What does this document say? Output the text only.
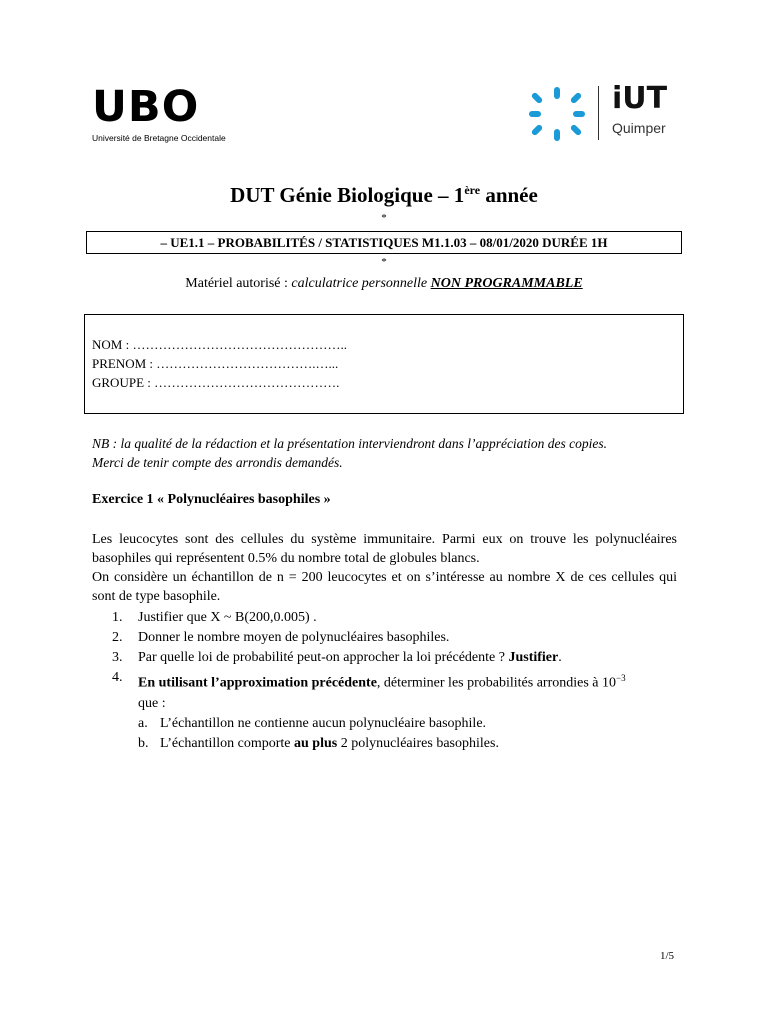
UBO
Université de Bretagne Occidentale
iUT
Quimper
DUT Génie Biologique – 1ère année
*
– UE1.1 – PROBABILITÉS / STATISTIQUES M1.1.03 – 08/01/2020 DURÉE 1H
*
Matériel autorisé : calculatrice personnelle NON PROGRAMMABLE
NOM : …………………………………………..
PRENOM : ……………………………….…...
GROUPE : …………………………………….
NB : la qualité de la rédaction et la présentation interviendront dans l’appréciation des copies.
Merci de tenir compte des arrondis demandés.
Exercice 1 « Polynucléaires basophiles »
Les leucocytes sont des cellules du système immunitaire. Parmi eux on trouve les polynucléaires basophiles qui représentent 0.5% du nombre total de globules blancs.
On considère un échantillon de n = 200 leucocytes et on s’intéresse au nombre X de ces cellules qui sont de type basophile.
1. Justifier que X ~ B(200,0.005) .
2. Donner le nombre moyen de polynucléaires basophiles.
3. Par quelle loi de probabilité peut-on approcher la loi précédente ? Justifier.
4. En utilisant l’approximation précédente, déterminer les probabilités arrondies à $10^{-3}$
que :
a. L’échantillon ne contienne aucun polynucléaire basophile.
b. L’échantillon comporte au plus 2 polynucléaires basophiles.
1/5
